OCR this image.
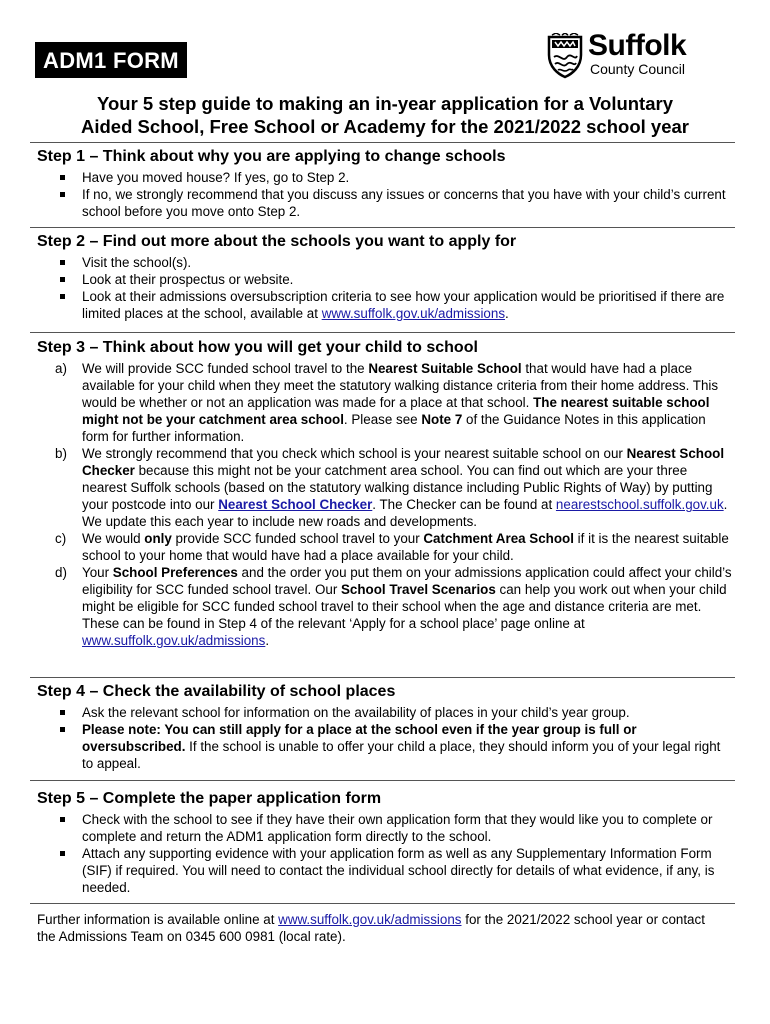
ADM1 FORM	Suffolk
County Council
Your 5 step guide to making an in-year application for a Voluntary
Aided School, Free School or Academy for the 2021/2022 school year
Step 1 – Think about why you are applying to change schools
Have you moved house? If yes, go to Step 2.
If no, we strongly recommend that you discuss any issues or concerns that you have with your child’s current school before you move onto Step 2.
Step 2 – Find out more about the schools you want to apply for
Visit the school(s).
Look at their prospectus or website.
Look at their admissions oversubscription criteria to see how your application would be prioritised if there are limited places at the school, available at www.suffolk.gov.uk/admissions.
Step 3 – Think about how you will get your child to school
a) We will provide SCC funded school travel to the Nearest Suitable School that would have had a place available for your child when they meet the statutory walking distance criteria from their home address. This would be whether or not an application was made for a place at that school. The nearest suitable school might not be your catchment area school. Please see Note 7 of the Guidance Notes in this application form for further information.
b) We strongly recommend that you check which school is your nearest suitable school on our Nearest School Checker because this might not be your catchment area school. You can find out which are your three nearest Suffolk schools (based on the statutory walking distance including Public Rights of Way) by putting your postcode into our Nearest School Checker. The Checker can be found at nearestschool.suffolk.gov.uk. We update this each year to include new roads and developments.
c) We would only provide SCC funded school travel to your Catchment Area School if it is the nearest suitable school to your home that would have had a place available for your child.
d) Your School Preferences and the order you put them on your admissions application could affect your child’s eligibility for SCC funded school travel. Our School Travel Scenarios can help you work out when your child might be eligible for SCC funded school travel to their school when the age and distance criteria are met. These can be found in Step 4 of the relevant ‘Apply for a school place’ page online at www.suffolk.gov.uk/admissions.
Step 4 – Check the availability of school places
Ask the relevant school for information on the availability of places in your child’s year group.
Please note: You can still apply for a place at the school even if the year group is full or oversubscribed. If the school is unable to offer your child a place, they should inform you of your legal right to appeal.
Step 5 – Complete the paper application form
Check with the school to see if they have their own application form that they would like you to complete or complete and return the ADM1 application form directly to the school.
Attach any supporting evidence with your application form as well as any Supplementary Information Form (SIF) if required. You will need to contact the individual school directly for details of what evidence, if any, is needed.
Further information is available online at www.suffolk.gov.uk/admissions for the 2021/2022 school year or contact the Admissions Team on 0345 600 0981 (local rate).
